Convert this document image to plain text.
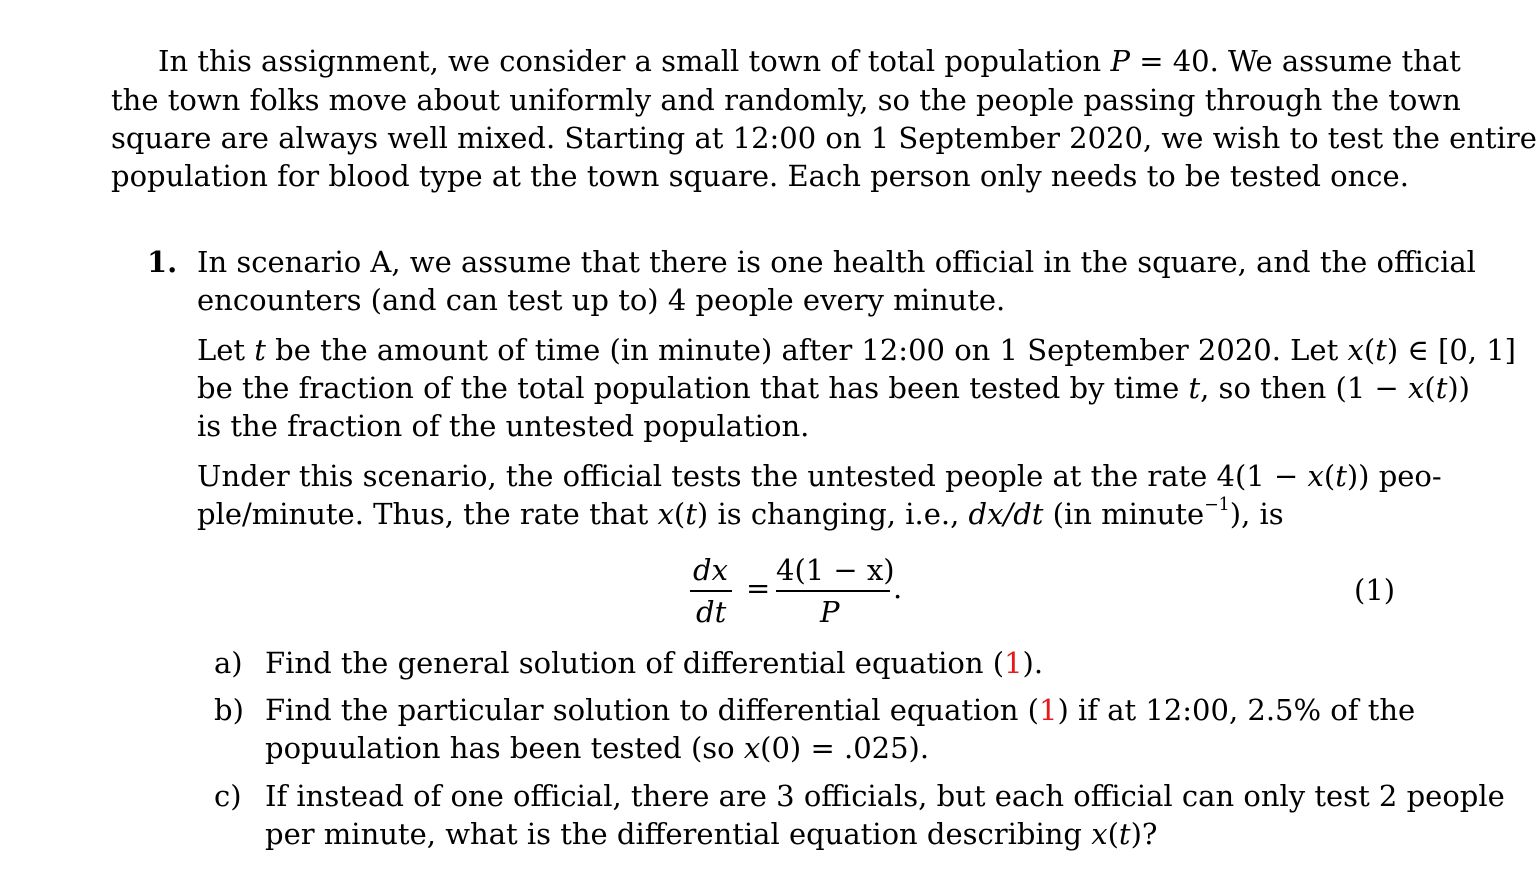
In this assignment, we consider a small town of total population P = 40. We assume that
the town folks move about uniformly and randomly, so the people passing through the town
square are always well mixed. Starting at 12:00 on 1 September 2020, we wish to test the entire
population for blood type at the town square. Each person only needs to be tested once.
1. In scenario A, we assume that there is one health official in the square, and the official
encounters (and can test up to) 4 people every minute.
Let t be the amount of time (in minute) after 12:00 on 1 September 2020. Let x(t) ∈ [0, 1]
be the fraction of the total population that has been tested by time t, so then (1 − x(t))
is the fraction of the untested population.
Under this scenario, the official tests the untested people at the rate 4(1 − x(t)) peo-
ple/minute. Thus, the rate that x(t) is changing, i.e., dx/dt (in minute$^{-1}$), is
dx
dt
=
4(1 − x)
P
.	(1)
a) Find the general solution of differential equation (1).
b) Find the particular solution to differential equation (1) if at 12:00, 2.5% of the
popuulation has been tested (so x(0) = .025).
c) If instead of one official, there are 3 officials, but each official can only test 2 people
per minute, what is the differential equation describing x(t)?
